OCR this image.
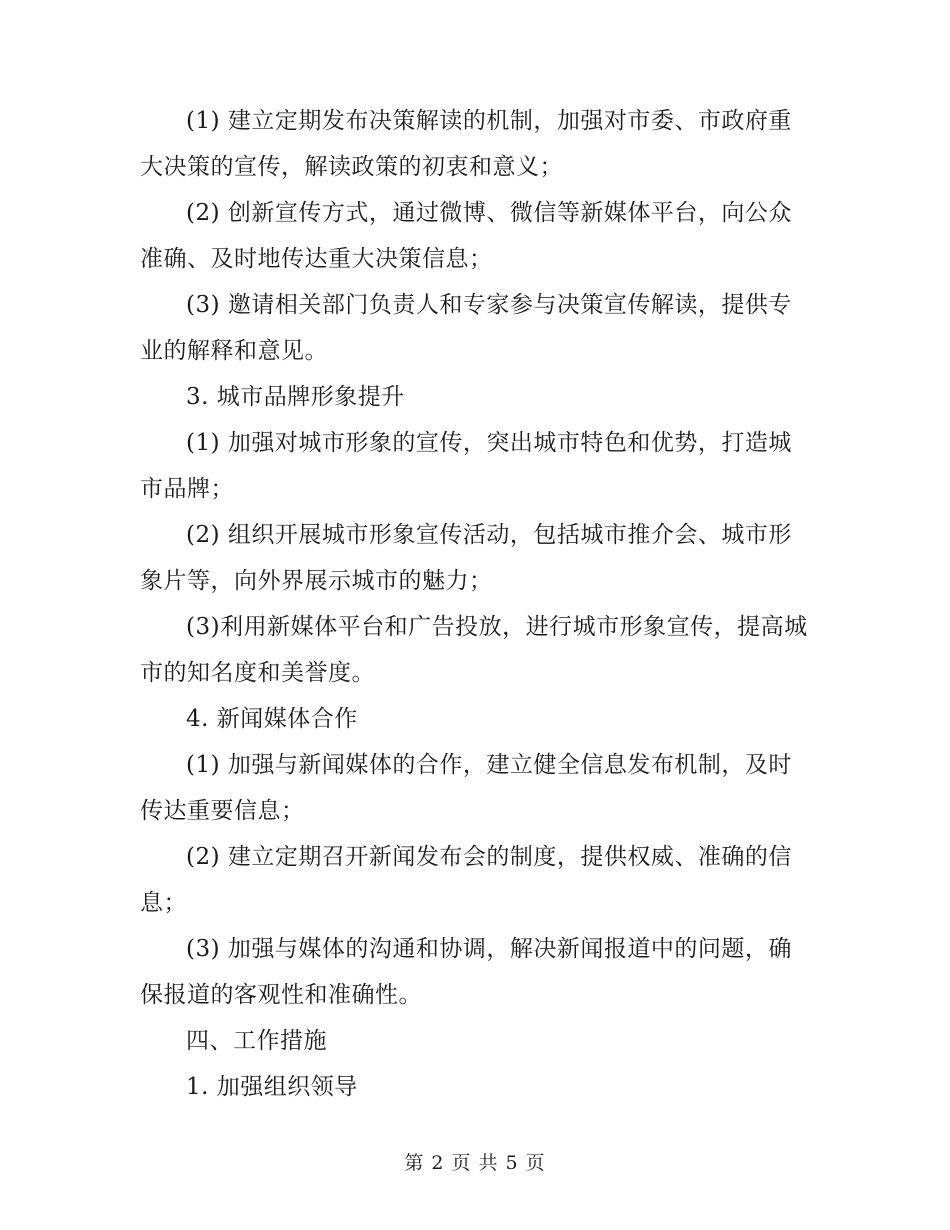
(1) 建立定期发布决策解读的机制，加强对市委、市政府重大决策的宣传，解读政策的初衷和意义；

(2) 创新宣传方式，通过微博、微信等新媒体平台，向公众准确、及时地传达重大决策信息；

(3) 邀请相关部门负责人和专家参与决策宣传解读，提供专业的解释和意见。

3. 城市品牌形象提升

(1) 加强对城市形象的宣传，突出城市特色和优势，打造城市品牌；

(2) 组织开展城市形象宣传活动，包括城市推介会、城市形象片等，向外界展示城市的魅力；

(3)利用新媒体平台和广告投放，进行城市形象宣传，提高城市的知名度和美誉度。

4. 新闻媒体合作

(1) 加强与新闻媒体的合作，建立健全信息发布机制，及时传达重要信息；

(2) 建立定期召开新闻发布会的制度，提供权威、准确的信息；

(3) 加强与媒体的沟通和协调，解决新闻报道中的问题，确保报道的客观性和准确性。

四、工作措施

1. 加强组织领导

第 2 页 共 5 页
